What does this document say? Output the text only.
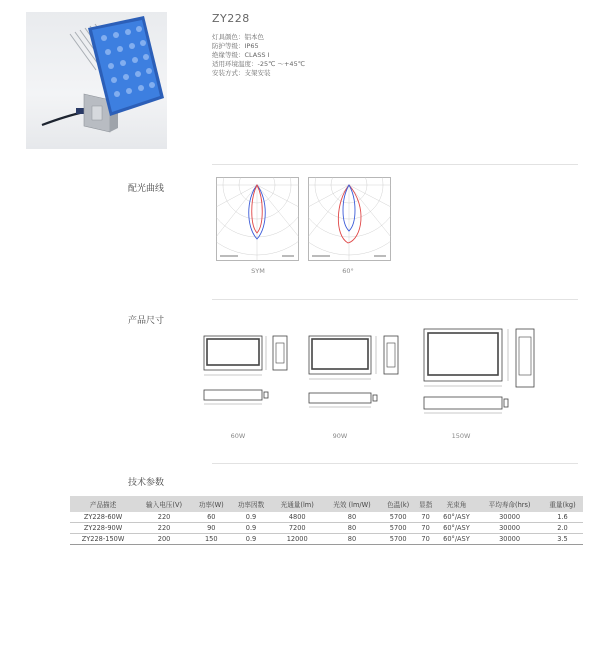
ZY228
灯具颜色：铝本色
防护等级：IP65
绝缘等级：CLASS Ⅰ
适用环境温度：-25℃ ～+45℃
安装方式：支架安装
配光曲线
SYM	60°
产品尺寸
60W	90W	150W
技术参数
产品描述	输入电压(V)	功率(W)	功率因数	光通量(lm)	光效 (lm/W)	色温(k)	显指	光束角	平均寿命(hrs)	重量(kg)
ZY228-60W	220	60	0.9	4800	80	5700	70	60°/ASY	30000	1.6
ZY228-90W	220	90	0.9	7200	80	5700	70	60°/ASY	30000	2.0
ZY228-150W	200	150	0.9	12000	80	5700	70	60°/ASY	30000	3.5
